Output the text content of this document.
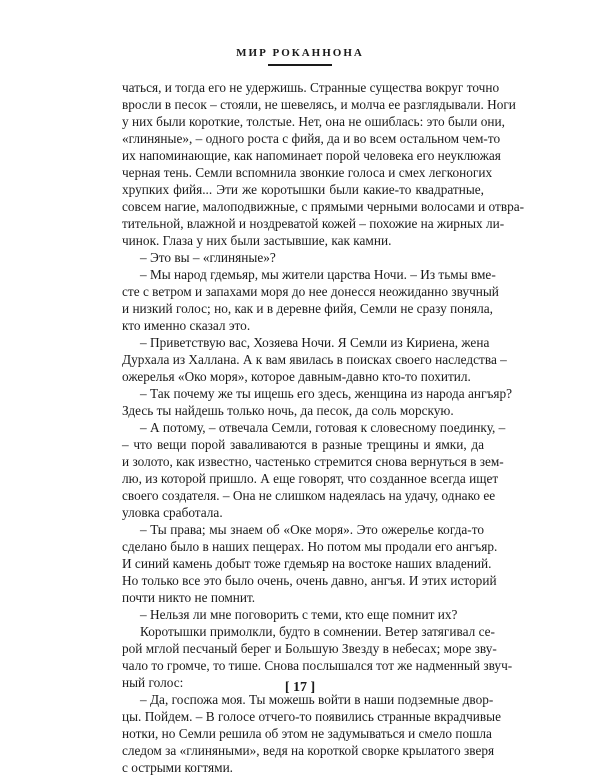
МИР РОКАННОНА
чаться, и тогда его не удержишь. Странные существа вокруг точно
вросли в песок – стояли, не шевелясь, и молча ее разглядывали. Ноги
у них были короткие, толстые. Нет, она не ошиблась: это были они,
«глиняные», – одного роста с фийя, да и во всем остальном чем-то
их напоминающие, как напоминает порой человека его неуклюжая
черная тень. Семли вспомнила звонкие голоса и смех легконогих
хрупких фийя... Эти же коротышки были какие-то квадратные,
совсем нагие, малоподвижные, с прямыми черными волосами и отвра-
тительной, влажной и ноздреватой кожей – похожие на жирных ли-
чинок. Глаза у них были застывшие, как камни.
– Это вы – «глиняные»?
– Мы народ гдемьяр, мы жители царства Ночи. – Из тьмы вме-
сте с ветром и запахами моря до нее донесся неожиданно звучный
и низкий голос; но, как и в деревне фийя, Семли не сразу поняла,
кто именно сказал это.
– Приветствую вас, Хозяева Ночи. Я Семли из Кириена, жена
Дурхала из Халлана. А к вам явилась в поисках своего наследства –
ожерелья «Око моря», которое давным-давно кто-то похитил.
– Так почему же ты ищешь его здесь, женщина из народа ангъяр?
Здесь ты найдешь только ночь, да песок, да соль морскую.
– А потому, – отвечала Семли, готовая к словесному поединку, –
– что вещи порой заваливаются в разные трещины и ямки, да
и золото, как известно, частенько стремится снова вернуться в зем-
лю, из которой пришло. А еще говорят, что созданное всегда ищет
своего создателя. – Она не слишком надеялась на удачу, однако ее
уловка сработала.
– Ты права; мы знаем об «Оке моря». Это ожерелье когда-то
сделано было в наших пещерах. Но потом мы продали его ангъяр.
И синий камень добыт тоже гдемьяр на востоке наших владений.
Но только все это было очень, очень давно, ангъя. И этих историй
почти никто не помнит.
– Нельзя ли мне поговорить с теми, кто еще помнит их?
Коротышки примолкли, будто в сомнении. Ветер затягивал се-
рой мглой песчаный берег и Большую Звезду в небесах; море зву-
чало то громче, то тише. Снова послышался тот же надменный звуч-
ный голос:
– Да, госпожа моя. Ты можешь войти в наши подземные двор-
цы. Пойдем. – В голосе отчего-то появились странные вкрадчивые
нотки, но Семли решила об этом не задумываться и смело пошла
следом за «глиняными», ведя на короткой сворке крылатого зверя
с острыми когтями.
[ 17 ]
